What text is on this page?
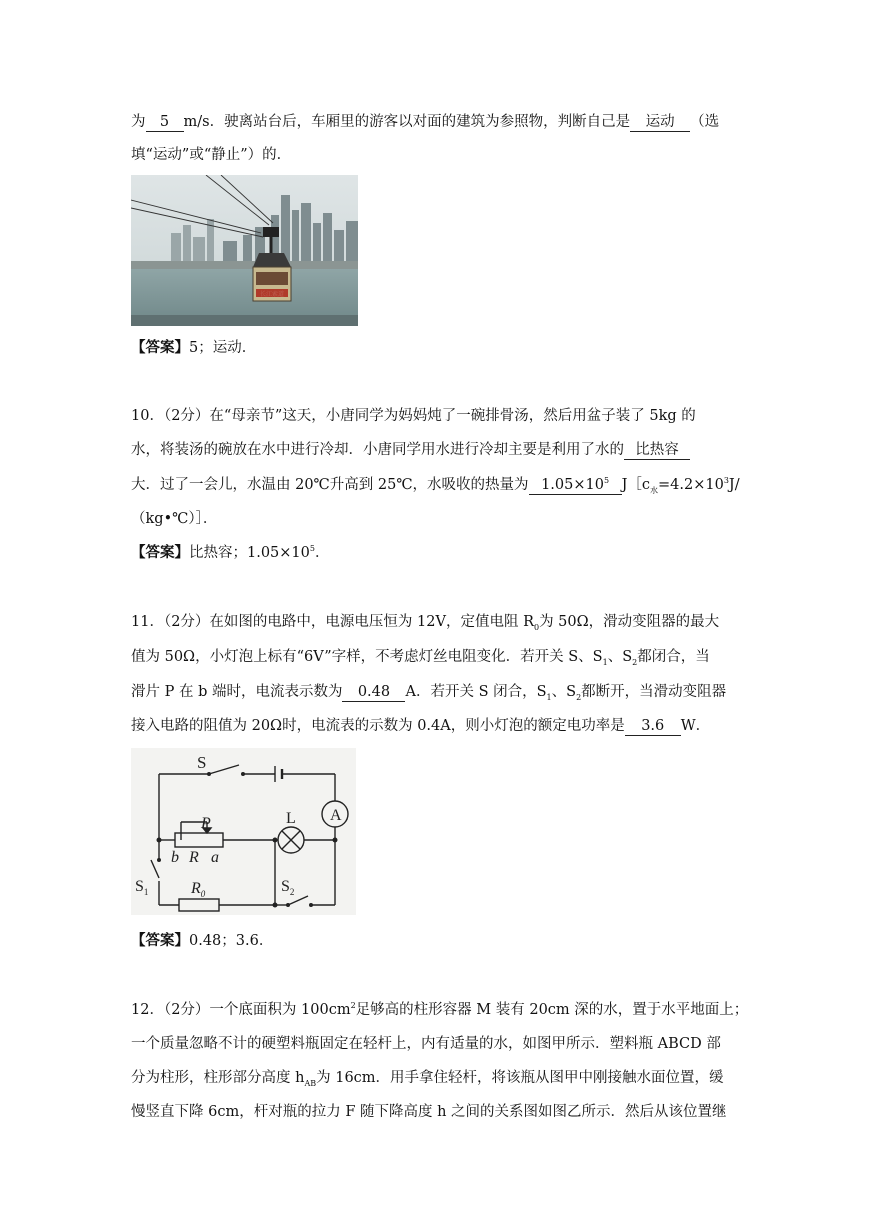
为 5 m/s．驶离站台后，车厢里的游客以对面的建筑为参照物，判断自己是 运动 （选
填“运动”或“静止”）的．
长江索道
【答案】5；运动．
10．（2分）在“母亲节”这天，小唐同学为妈妈炖了一碗排骨汤，然后用盆子装了 5kg 的
水，将装汤的碗放在水中进行冷却．小唐同学用水进行冷却主要是利用了水的 比热容
大．过了一会儿，水温由 20℃升高到 25℃，水吸收的热量为 $1.05\times 10^5$ $J[c_水=4.2\times 10^3J/$
（kg•℃）］．
【答案】比热容；$1.05\times 10^5$．
11．（2分）在如图的电路中，电源电压恒为 12V，定值电阻 $R_0$为 50Ω，滑动变阻器的最大
值为 50Ω，小灯泡上标有“6V”字样，不考虑灯丝电阻变化．若开关 S、$S_1$、$S_2$都闭合，当
滑片 P 在 b 端时，电流表示数为 0.48 A．若开关 S 闭合，$S_1$、$S_2$都断开，当滑动变阻器
接入电路的阻值为 20Ω时，电流表的示数为 0.4A，则小灯泡的额定电功率是 3.6 W．
S
P	L A
b R a
$S_1$	$R_0$	$S_2$
【答案】0.48；3.6．
12．（2分）一个底面积为 $100cm^2$足够高的柱形容器 M 装有 20cm 深的水，置于水平地面上；
一个质量忽略不计的硬塑料瓶固定在轻杆上，内有适量的水，如图甲所示．塑料瓶 ABCD 部
分为柱形，柱形部分高度 $h_{AB}$为 16cm．用手拿住轻杆，将该瓶从图甲中刚接触水面位置，缓
慢竖直下降 6cm，杆对瓶的拉力 F 随下降高度 h 之间的关系图如图乙所示．然后从该位置继
